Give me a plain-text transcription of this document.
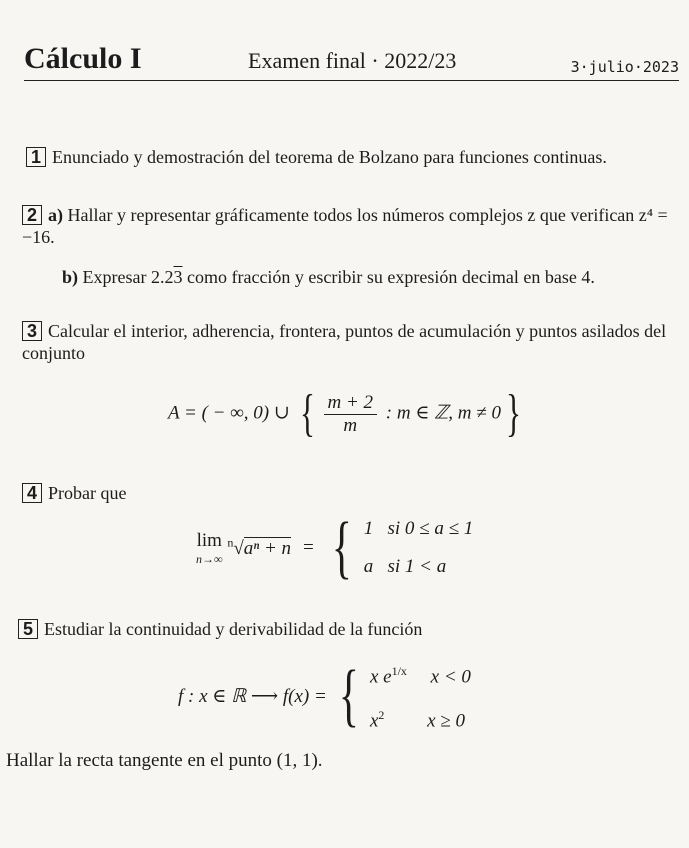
Cálculo I	Examen final · 2022/23	3·julio·2023
1 Enunciado y demostración del teorema de Bolzano para funciones continuas.
2 a) Hallar y representar gráficamente todos los números complejos z que verifican z⁴ = −16.
b) Expresar 2.23 como fracción y escribir su expresión decimal en base 4.
3 Calcular el interior, adherencia, frontera, puntos de acumulación y puntos asilados del conjunto
A = ( − ∞, 0) ∪ { $\frac{m + 2}{m}$ : m ∈ ℤ, m ≠ 0}
4 Probar que
lim
n→∞
$^n$√aⁿ + n = { 1 si 0 ≤ a ≤ 1
a si 1 < a
5 Estudiar la continuidad y derivabilidad de la función
f : x ∈ ℝ ⟶ f(x) = { x $e^{1/x}$ x < 0
$x^2$ x ≥ 0
Hallar la recta tangente en el punto (1, 1).
